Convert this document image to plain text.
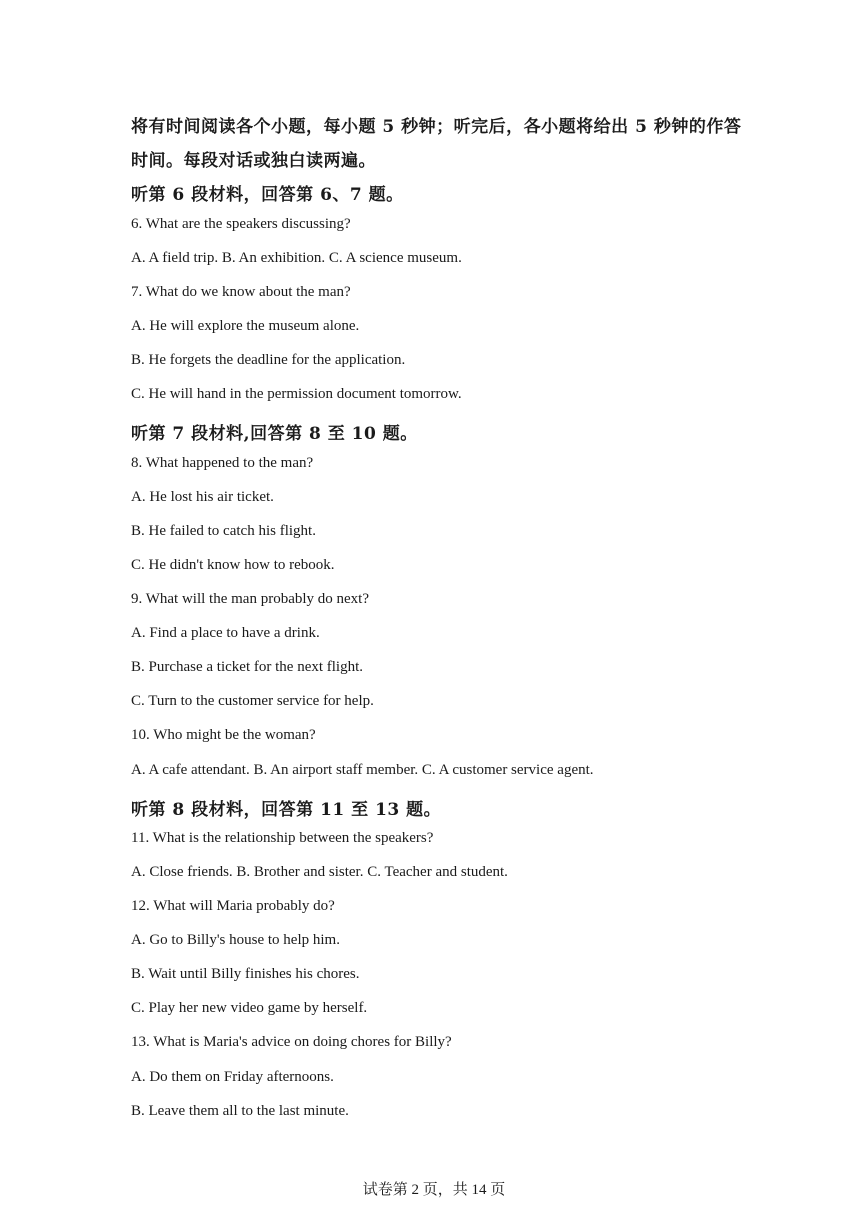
将有时间阅读各个小题，每小题 5 秒钟；听完后，各小题将给出 5 秒钟的作答
时间。每段对话或独白读两遍。
听第 6 段材料，回答第 6、7 题。
6. What are the speakers discussing?
A. A field trip. B. An exhibition. C. A science museum.
7. What do we know about the man?
A. He will explore the museum alone.
B. He forgets the deadline for the application.
C. He will hand in the permission document tomorrow.
听第 7 段材料,回答第 8 至 10 题。
8. What happened to the man?
A. He lost his air ticket.
B. He failed to catch his flight.
C. He didn't know how to rebook.
9. What will the man probably do next?
A. Find a place to have a drink.
B. Purchase a ticket for the next flight.
C. Turn to the customer service for help.
10. Who might be the woman?
A. A cafe attendant. B. An airport staff member. C. A customer service agent.
听第 8 段材料，回答第 11 至 13 题。
11. What is the relationship between the speakers?
A. Close friends. B. Brother and sister. C. Teacher and student.
12. What will Maria probably do?
A. Go to Billy's house to help him.
B. Wait until Billy finishes his chores.
C. Play her new video game by herself.
13. What is Maria's advice on doing chores for Billy?
A. Do them on Friday afternoons.
B. Leave them all to the last minute.
试卷第 2 页，共 14 页
